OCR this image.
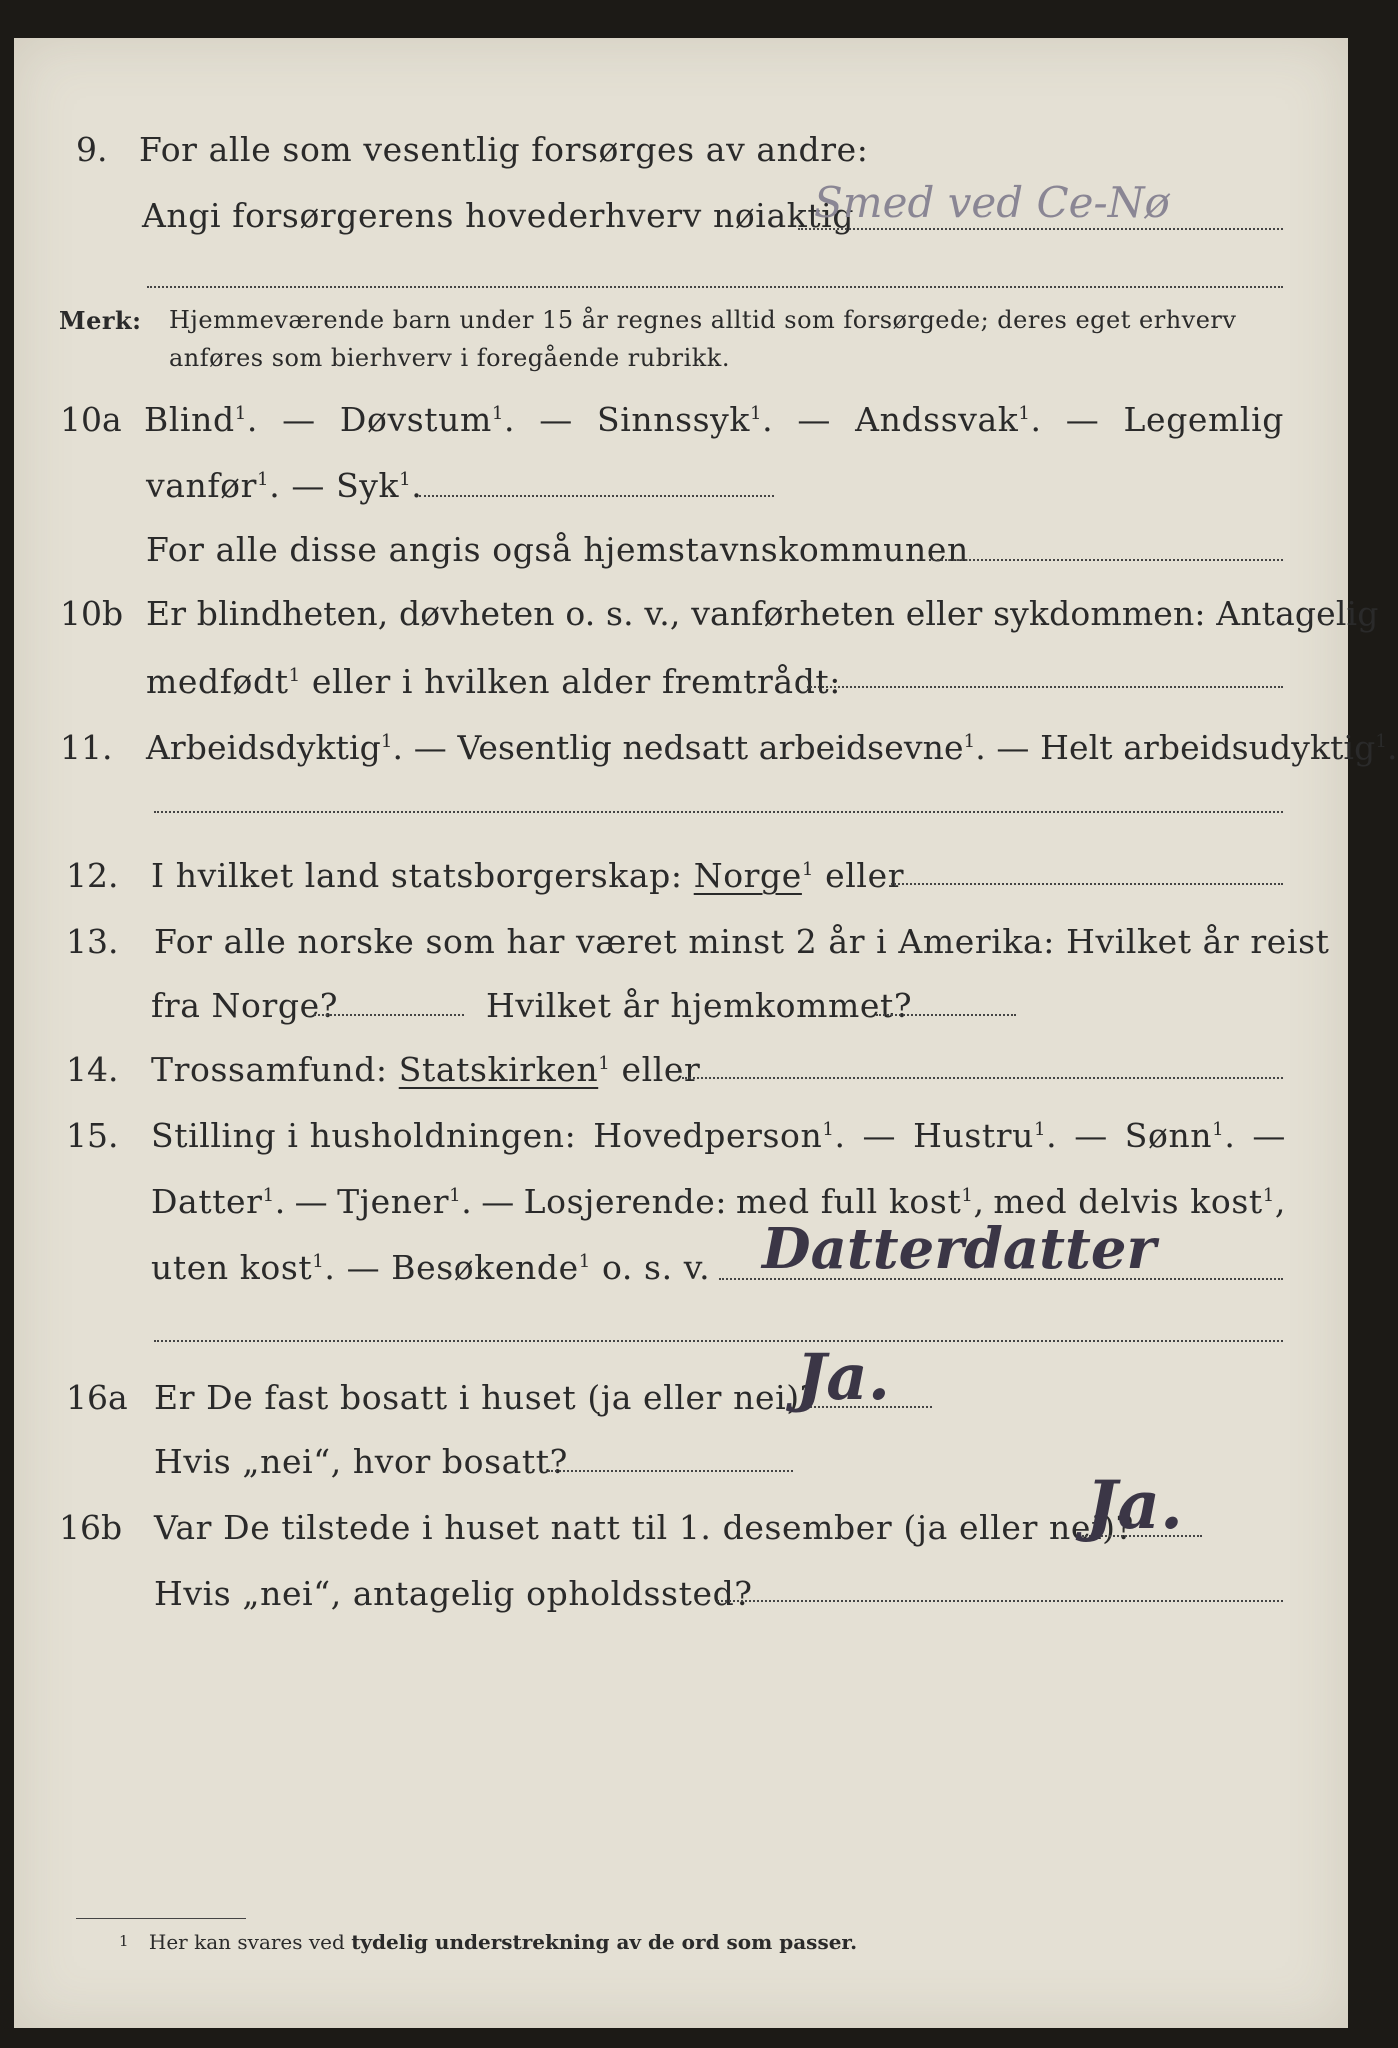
9. For alle som vesentlig forsørges av andre:
Angi forsørgerens hovederhverv nøiaktig
Smed ved Ce-Nø
Merk: Hjemmeværende barn under 15 år regnes alltid som forsørgede; deres eget erhverv
anføres som bierhverv i foregående rubrikk.
10a Blind$^1$. — Døvstum$^1$. — Sinnssyk$^1$. — Andssvak$^1$. — Legemlig
vanfør$^1$. — Syk$^1$.
For alle disse angis også hjemstavnskommunen
10b Er blindheten, døvheten o. s. v., vanførheten eller sykdommen: Antagelig
medfødt$^1$ eller i hvilken alder fremtrådt:
11. Arbeidsdyktig$^1$. — Vesentlig nedsatt arbeidsevne$^1$. — Helt arbeidsudyktig$^1$.
12. I hvilket land statsborgerskap: Norge$^1$ eller
13. For alle norske som har været minst 2 år i Amerika: Hvilket år reist
fra Norge?	Hvilket år hjemkommet?
14. Trossamfund: Statskirken$^1$ eller
15. Stilling i husholdningen: Hovedperson$^1$. — Hustru$^1$. — Sønn$^1$. —
Datter$^1$. — Tjener$^1$. — Losjerende: med full kost$^1$, med delvis kost$^1$,
uten kost$^1$. — Besøkende$^1$ o. s. v. Datterdatter
16a Er De fast bosatt i huset (ja eller nei)?
Ja.
Hvis „nei“, hvor bosatt?
16b Var De tilstede i huset natt til 1. desember (ja eller nei)?
Ja.
Hvis „nei“, antagelig opholdssted?
1 Her kan svares ved tydelig understrekning av de ord som passer.
